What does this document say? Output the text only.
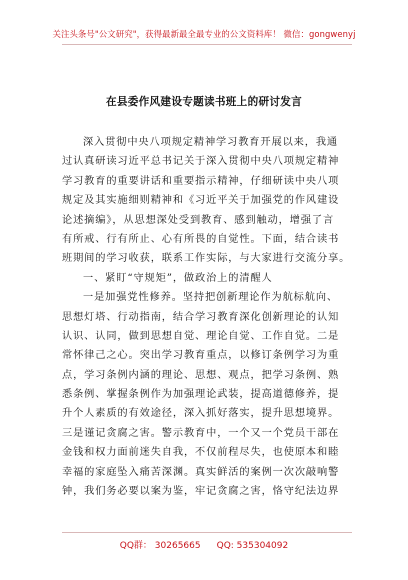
关注头条号"公文研究"，获得最新最全最专业的公文资料库！ 微信：gongwenyj
在县委作风建设专题读书班上的研讨发言
深入贯彻中央八项规定精神学习教育开展以来，我通
过认真研读习近平总书记关于深入贯彻中央八项规定精神
学习教育的重要讲话和重要指示精神，仔细研读中央八项
规定及其实施细则精神和《习近平关于加强党的作风建设
论述摘编》，从思想深处受到教育、感到触动，增强了言
有所戒、行有所止、心有所畏的自觉性。下面，结合读书
班期间的学习收获，联系工作实际，与大家进行交流分享。
一、紧盯“守规矩”，做政治上的清醒人
一是加强党性修养。坚持把创新理论作为航标航向、
思想灯塔、行动指南，结合学习教育深化创新理论的认知
认识、认同，做到思想自觉、理论自觉、工作自觉。二是
常怀律己之心。突出学习教育重点，以修订条例学习为重
点，学习条例内涵的理论、思想、观点，把学习条例、熟
悉条例、掌握条例作为加强理论武装，提高道德修养，提
升个人素质的有效途径，深入抓好落实，提升思想境界。
三是谨记贪腐之害。警示教育中，一个又一个党员干部在
金钱和权力面前迷失自我，不仅前程尽失，也使原本和睦
幸福的家庭坠入痛苦深渊。真实鲜活的案例一次次敲响警
钟，我们务必要以案为鉴，牢记贪腐之害，恪守纪法边界
QQ群： 30265665 QQ: 535304092
